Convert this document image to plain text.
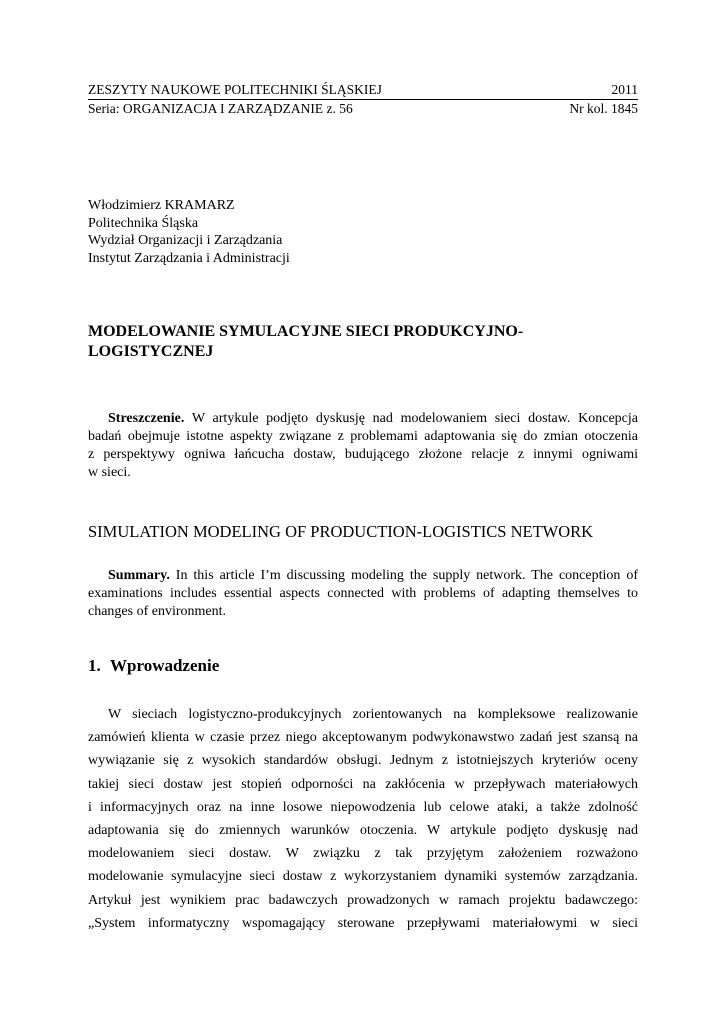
ZESZYTY NAUKOWE POLITECHNIKI ŚLĄSKIEJ	2011
Seria: ORGANIZACJA I ZARZĄDZANIE z. 56	Nr kol. 1845
Włodzimierz KRAMARZ
Politechnika Śląska
Wydział Organizacji i Zarządzania
Instytut Zarządzania i Administracji
MODELOWANIE SYMULACYJNE SIECI PRODUKCYJNO-
LOGISTYCZNEJ
Streszczenie. W artykule podjęto dyskusję nad modelowaniem sieci dostaw. Koncepcja
badań obejmuje istotne aspekty związane z problemami adaptowania się do zmian otoczenia
z perspektywy ogniwa łańcucha dostaw, budującego złożone relacje z innymi ogniwami
w sieci.
SIMULATION MODELING OF PRODUCTION-LOGISTICS NETWORK
Summary. In this article I’m discussing modeling the supply network. The conception of
examinations includes essential aspects connected with problems of adapting themselves to
changes of environment.
1. Wprowadzenie
W sieciach logistyczno-produkcyjnych zorientowanych na kompleksowe realizowanie
zamówień klienta w czasie przez niego akceptowanym podwykonawstwo zadań jest szansą na
wywiązanie się z wysokich standardów obsługi. Jednym z istotniejszych kryteriów oceny
takiej sieci dostaw jest stopień odporności na zakłócenia w przepływach materiałowych
i informacyjnych oraz na inne losowe niepowodzenia lub celowe ataki, a także zdolność
adaptowania się do zmiennych warunków otoczenia. W artykule podjęto dyskusję nad
modelowaniem sieci dostaw. W związku z tak przyjętym założeniem rozważono
modelowanie symulacyjne sieci dostaw z wykorzystaniem dynamiki systemów zarządzania.
Artykuł jest wynikiem prac badawczych prowadzonych w ramach projektu badawczego:
„System informatyczny wspomagający sterowane przepływami materiałowymi w sieci
